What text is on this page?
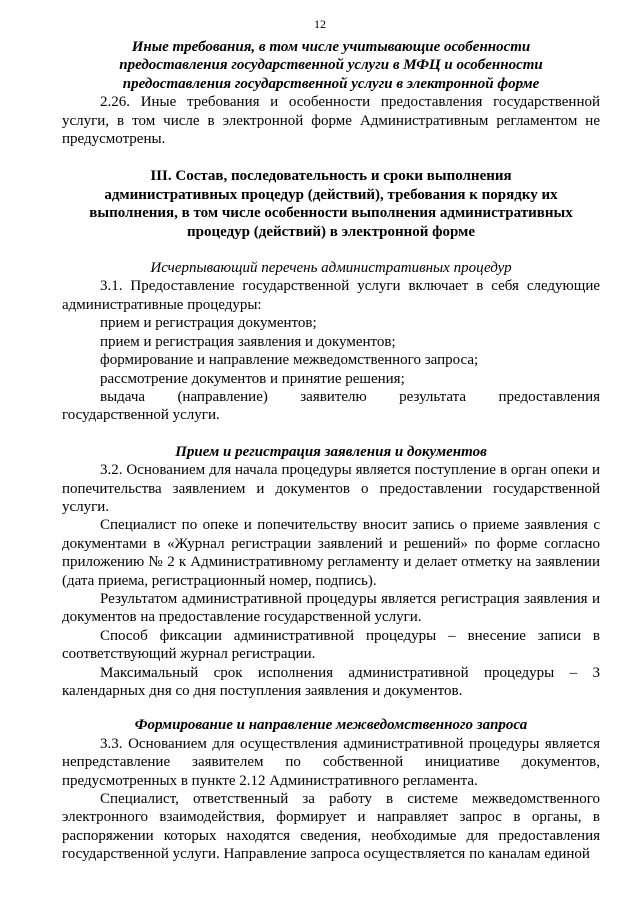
12
Иные требования, в том числе учитывающие особенности
предоставления государственной услуги в МФЦ и особенности
предоставления государственной услуги в электронной форме

2.26. Иные требования и особенности предоставления государственной услуги, в том числе в электронной форме Административным регламентом не предусмотрены.

III. Состав, последовательность и сроки выполнения
административных процедур (действий), требования к порядку их
выполнения, в том числе особенности выполнения административных
процедур (действий) в электронной форме
Исчерпывающий перечень административных процедур

3.1. Предоставление государственной услуги включает в себя следующие административные процедуры:

прием и регистрация документов;

прием и регистрация заявления и документов;

формирование и направление межведомственного запроса;

рассмотрение документов и принятие решения;

выдача (направление) заявителю результата предоставления

государственной услуги.

Прием и регистрация заявления и документов

3.2. Основанием для начала процедуры является поступление в орган опеки и попечительства заявлением и документов о предоставлении государственной услуги.

Специалист по опеке и попечительству вносит запись о приеме заявления с документами в «Журнал регистрации заявлений и решений» по форме согласно приложению № 2 к Административному регламенту и делает отметку на заявлении (дата приема, регистрационный номер, подпись).

Результатом административной процедуры является регистрация заявления и документов на предоставление государственной услуги.

Способ фиксации административной процедуры – внесение записи в соответствующий журнал регистрации.

Максимальный срок исполнения административной процедуры – 3 календарных дня со дня поступления заявления и документов.

Формирование и направление межведомственного запроса

3.3. Основанием для осуществления административной процедуры является непредставление заявителем по собственной инициативе документов, предусмотренных в пункте 2.12 Административного регламента.

Специалист, ответственный за работу в системе межведомственного электронного взаимодействия, формирует и направляет запрос в органы, в распоряжении которых находятся сведения, необходимые для предоставления государственной услуги. Направление запроса осуществляется по каналам единой
